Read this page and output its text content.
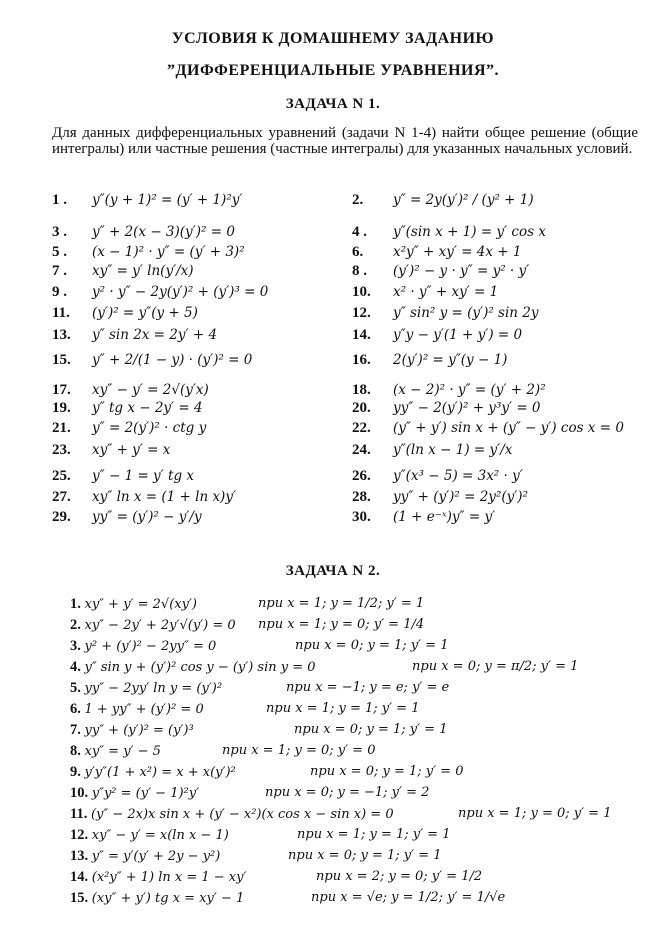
УСЛОВИЯ К ДОМАШНЕМУ ЗАДАНИЮ
”ДИФФЕРЕНЦИАЛЬНЫЕ УРАВНЕНИЯ”.
ЗАДАЧА N 1.
Для данных дифференциальных уравнений (задачи N 1-4) найти общее решение (общие интегралы) или частные решения (частные интегралы) для указанных начальных условий.
1 .	y″(y + 1)² = (y′ + 1)²y′	2.	y″ = 2y(y′)² / (y² + 1)
3 .	y″ + 2(x − 3)(y′)² = 0	4 .	y″(sin x + 1) = y′ cos x
5 .	(x − 1)² · y″ = (y′ + 3)²	6.	x²y″ + xy′ = 4x + 1
7 .	xy″ = y′ ln(y′/x)	8 .	(y′)² − y · y″ = y² · y′
9 .	y² · y″ − 2y(y′)² + (y′)³ = 0	10.	x² · y″ + xy′ = 1
11.	(y′)² = y″(y + 5)	12.	y″ sin² y = (y′)² sin 2y
13.	y″ sin 2x = 2y′ + 4	14.	y″y − y′(1 + y′) = 0
15.	y″ + 2/(1 − y) · (y′)² = 0	16.	2(y′)² = y″(y − 1)
17.	xy″ − y′ = 2√(y′x)	18.	(x − 2)² · y″ = (y′ + 2)²
19.	y″ tg x − 2y′ = 4	20.	yy″ − 2(y′)² + y³y′ = 0
21.	y″ = 2(y′)² · ctg y	22.	(y″ + y′) sin x + (y″ − y′) cos x = 0
23.	xy″ + y′ = x	24.	y″(ln x − 1) = y′/x
25.	y″ − 1 = y′ tg x	26.	y″(x³ − 5) = 3x² · y′
27.	xy″ ln x = (1 + ln x)y′	28.	yy″ + (y′)² = 2y²(y′)²
29.	yy″ = (y′)² − y′/y	30.	(1 + e⁻ˣ)y″ = y′
ЗАДАЧА N 2.
1. xy″ + y′ = 2√(xy′)	при x = 1; y = 1/2; y′ = 1
2. xy″ − 2y′ + 2y′√(y′) = 0 при x = 1; y = 0; y′ = 1/4
3. y² + (y′)² − 2yy″ = 0	при x = 0; y = 1; y′ = 1
4. y″ sin y + (y′)² cos y − (y′) sin y = 0	при x = 0; y = π/2; y′ = 1
5. yy″ − 2yy′ ln y = (y′)²	при x = −1; y = e; y′ = e
6. 1 + yy″ + (y′)² = 0	при x = 1; y = 1; y′ = 1
7. yy″ + (y′)² = (y′)³	при x = 0; y = 1; y′ = 1
8. xy″ = y′ − 5	при x = 1; y = 0; y′ = 0
9. y′y″(1 + x²) = x + x(y′)²	при x = 0; y = 1; y′ = 0
10. y″y² = (y′ − 1)²y′	при x = 0; y = −1; y′ = 2
11. (y″ − 2x)x sin x + (y′ − x²)(x cos x − sin x) = 0	при x = 1; y = 0; y′ = 1
12. xy″ − y′ = x(ln x − 1)	при x = 1; y = 1; y′ = 1
13. y″ = y′(y′ + 2y − y²)	при x = 0; y = 1; y′ = 1
14. (x²y″ + 1) ln x = 1 − xy′	при x = 2; y = 0; y′ = 1/2
15. (xy″ + y′) tg x = xy′ − 1	при x = √e; y = 1/2; y′ = 1/√e
